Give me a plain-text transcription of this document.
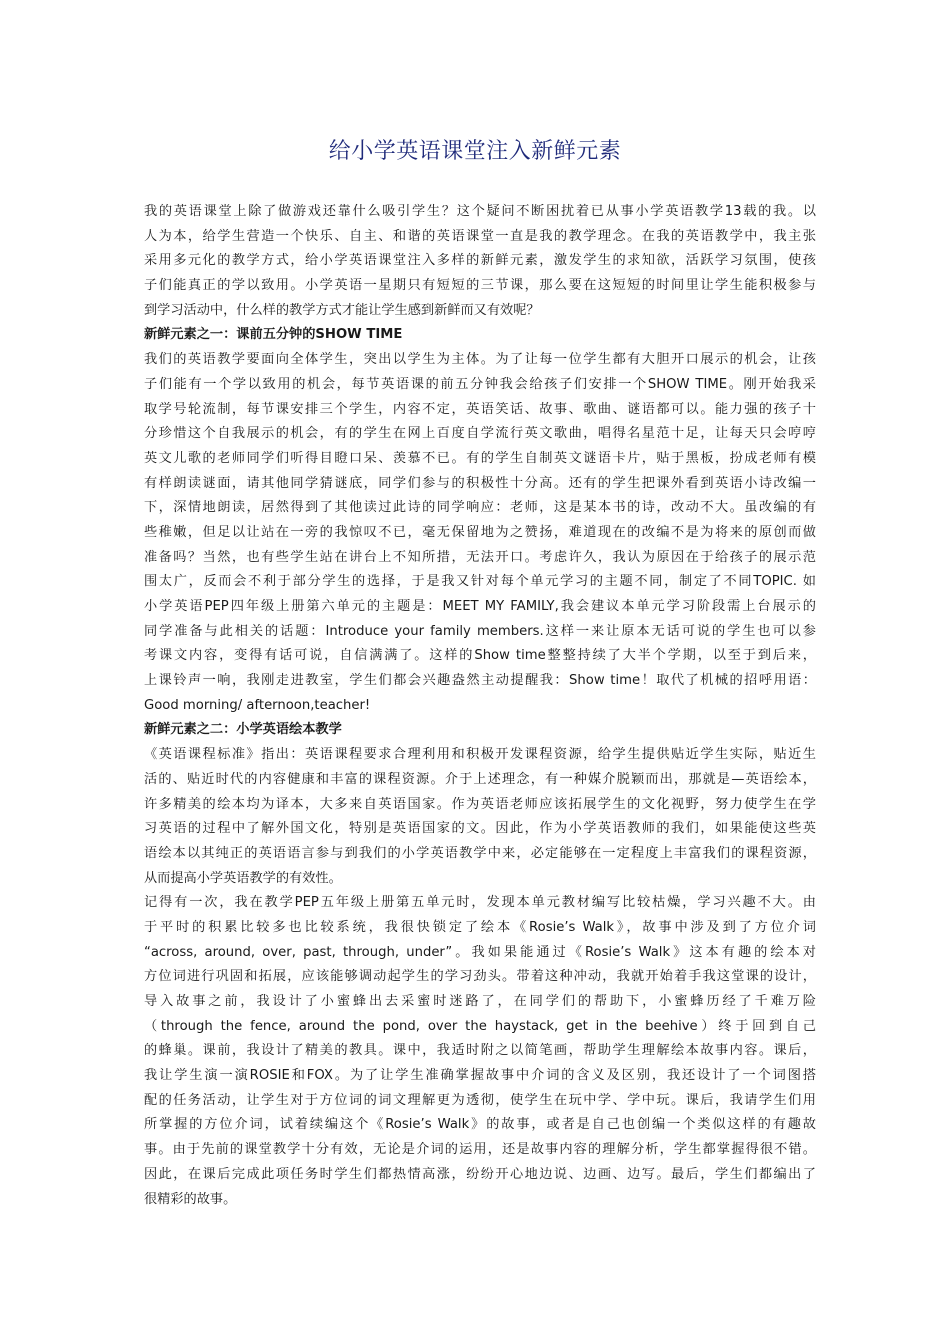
给小学英语课堂注入新鲜元素
我的英语课堂上除了做游戏还靠什么吸引学生？这个疑问不断困扰着已从事小学英语教学13载的我。以
人为本，给学生营造一个快乐、自主、和谐的英语课堂一直是我的教学理念。在我的英语教学中，我主张
采用多元化的教学方式，给小学英语课堂注入多样的新鲜元素，激发学生的求知欲，活跃学习氛围，使孩
子们能真正的学以致用。小学英语一星期只有短短的三节课，那么要在这短短的时间里让学生能积极参与
到学习活动中，什么样的教学方式才能让学生感到新鲜而又有效呢？
新鲜元素之一：课前五分钟的SHOW TIME
我们的英语教学要面向全体学生，突出以学生为主体。为了让每一位学生都有大胆开口展示的机会，让孩
子们能有一个学以致用的机会，每节英语课的前五分钟我会给孩子们安排一个SHOW TIME。刚开始我采
取学号轮流制，每节课安排三个学生，内容不定，英语笑话、故事、歌曲、谜语都可以。能力强的孩子十
分珍惜这个自我展示的机会，有的学生在网上百度自学流行英文歌曲，唱得名星范十足，让每天只会哼哼
英文儿歌的老师同学们听得目瞪口呆、羡慕不已。有的学生自制英文谜语卡片，贴于黑板，扮成老师有模
有样朗读谜面，请其他同学猜谜底，同学们参与的积极性十分高。还有的学生把课外看到英语小诗改编一
下，深情地朗读，居然得到了其他读过此诗的同学响应：老师，这是某本书的诗，改动不大。虽改编的有
些稚嫩，但足以让站在一旁的我惊叹不已，毫无保留地为之赞扬，难道现在的改编不是为将来的原创而做
准备吗？当然，也有些学生站在讲台上不知所措，无法开口。考虑许久，我认为原因在于给孩子的展示范
围太广，反而会不利于部分学生的选择，于是我又针对每个单元学习的主题不同，制定了不同TOPIC. 如
小学英语PEP四年级上册第六单元的主题是：MEET MY FAMILY,我会建议本单元学习阶段需上台展示的
同学准备与此相关的话题：Introduce your family members.这样一来让原本无话可说的学生也可以参
考课文内容，变得有话可说，自信满满了。这样的Show time整整持续了大半个学期，以至于到后来，
上课铃声一响，我刚走进教室，学生们都会兴趣盎然主动提醒我：Show time！取代了机械的招呼用语：
Good morning/ afternoon,teacher!
新鲜元素之二：小学英语绘本教学
《英语课程标准》指出：英语课程要求合理利用和积极开发课程资源，给学生提供贴近学生实际，贴近生
活的、贴近时代的内容健康和丰富的课程资源。介于上述理念，有一种媒介脱颖而出，那就是—英语绘本，
许多精美的绘本均为译本，大多来自英语国家。作为英语老师应该拓展学生的文化视野，努力使学生在学
习英语的过程中了解外国文化，特别是英语国家的文。因此，作为小学英语教师的我们，如果能使这些英
语绘本以其纯正的英语语言参与到我们的小学英语教学中来，必定能够在一定程度上丰富我们的课程资源，
从而提高小学英语教学的有效性。
记得有一次，我在教学PEP五年级上册第五单元时，发现本单元教材编写比较枯燥，学习兴趣不大。由
于平时的积累比较多也比较系统，我很快锁定了绘本《Rosie’s Walk》，故事中涉及到了方位介词
“across, around, over, past, through, under”。我如果能通过《Rosie’s Walk》这本有趣的绘本对
方位词进行巩固和拓展，应该能够调动起学生的学习劲头。带着这种冲动，我就开始着手我这堂课的设计，
导入故事之前，我设计了小蜜蜂出去采蜜时迷路了，在同学们的帮助下，小蜜蜂历经了千难万险
（through the fence, around the pond, over the haystack, get in the beehive）终于回到自己
的蜂巢。课前，我设计了精美的教具。课中，我适时附之以简笔画，帮助学生理解绘本故事内容。课后，
我让学生演一演ROSIE和FOX。为了让学生准确掌握故事中介词的含义及区别，我还设计了一个词图搭
配的任务活动，让学生对于方位词的词文理解更为透彻，使学生在玩中学、学中玩。课后，我请学生们用
所掌握的方位介词，试着续编这个《Rosie’s Walk》的故事，或者是自己也创编一个类似这样的有趣故
事。由于先前的课堂教学十分有效，无论是介词的运用，还是故事内容的理解分析，学生都掌握得很不错。
因此，在课后完成此项任务时学生们都热情高涨，纷纷开心地边说、边画、边写。最后，学生们都编出了
很精彩的故事。
